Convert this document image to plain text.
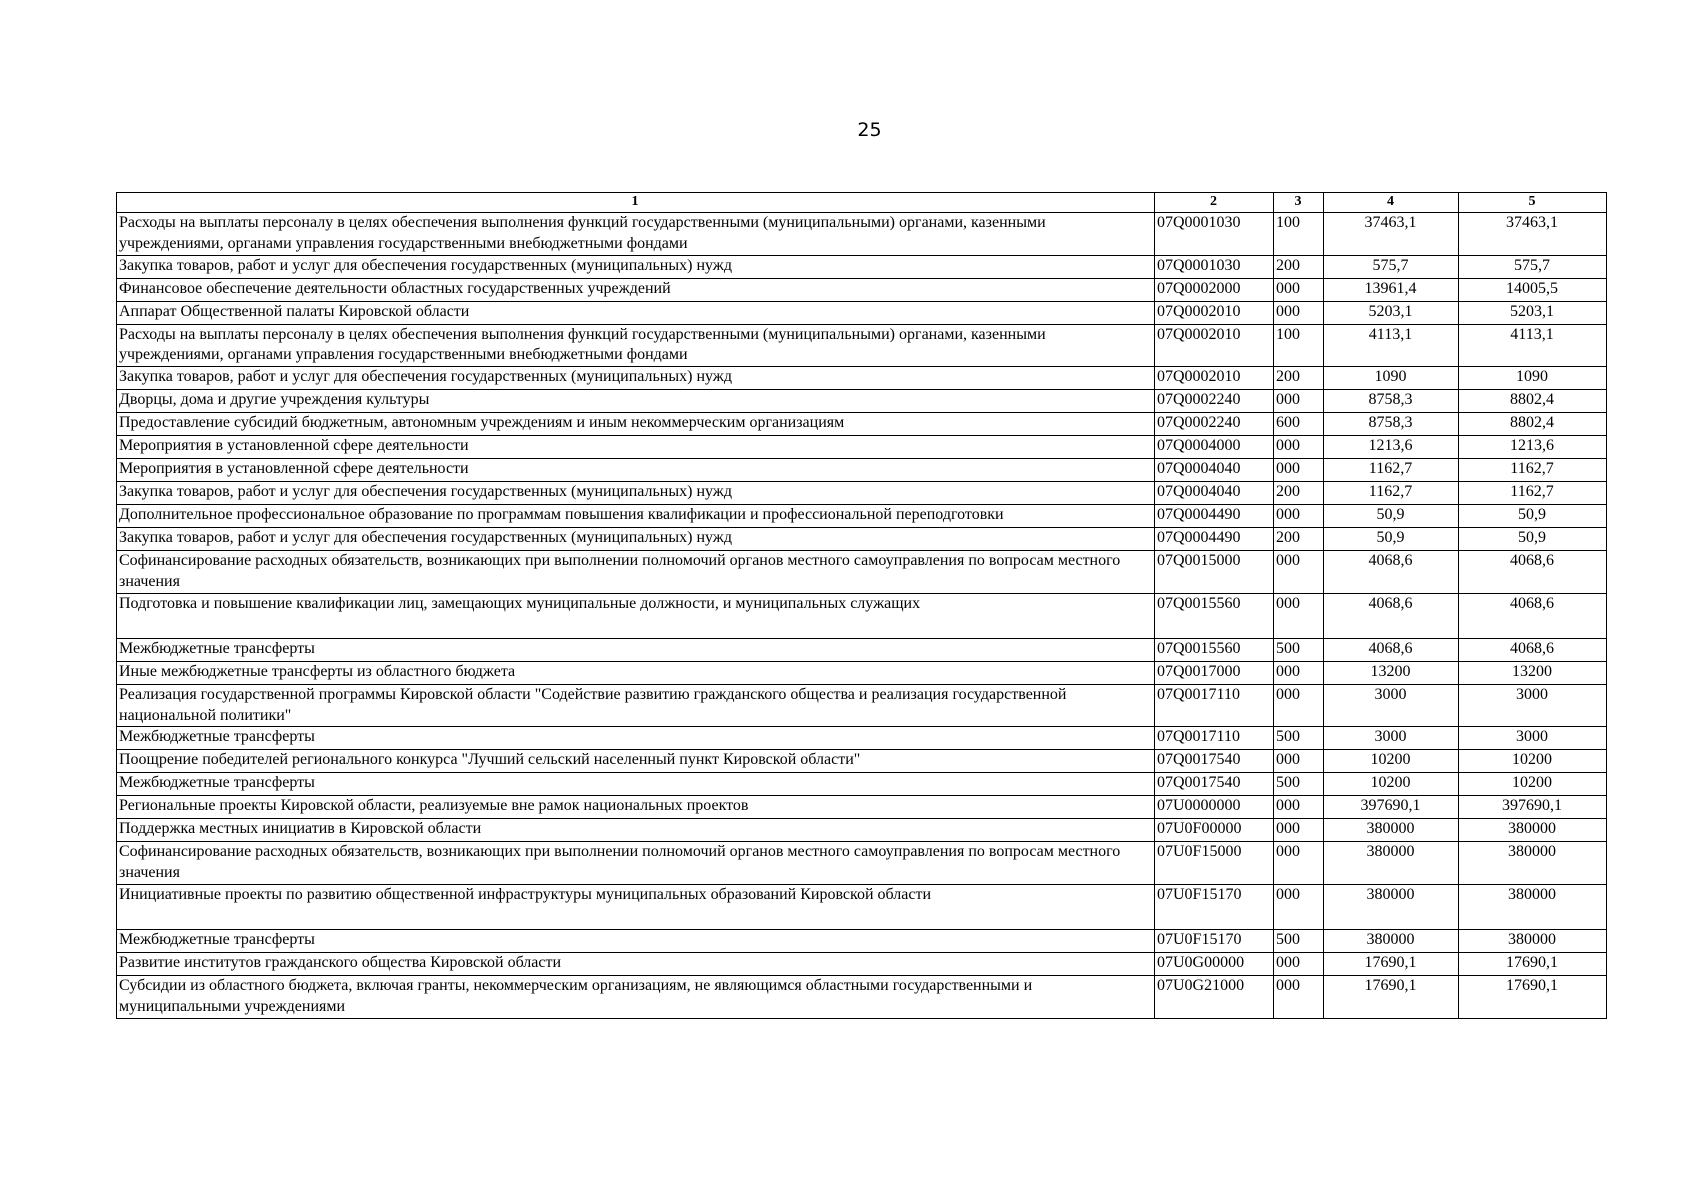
25
1	2	3	4	5
Расходы на выплаты персоналу в целях обеспечения выполнения функций государственными (муниципальными) органами, казенными учреждениями, органами управления государственными внебюджетными фондами	07Q0001030	100	37463,1	37463,1
Закупка товаров, работ и услуг для обеспечения государственных (муниципальных) нужд	07Q0001030	200	575,7	575,7
Финансовое обеспечение деятельности областных государственных учреждений	07Q0002000	000	13961,4	14005,5
Аппарат Общественной палаты Кировской области	07Q0002010	000	5203,1	5203,1
Расходы на выплаты персоналу в целях обеспечения выполнения функций государственными (муниципальными) органами, казенными учреждениями, органами управления государственными внебюджетными фондами	07Q0002010	100	4113,1	4113,1
Закупка товаров, работ и услуг для обеспечения государственных (муниципальных) нужд	07Q0002010	200	1090	1090
Дворцы, дома и другие учреждения культуры	07Q0002240	000	8758,3	8802,4
Предоставление субсидий бюджетным, автономным учреждениям и иным некоммерческим организациям	07Q0002240	600	8758,3	8802,4
Мероприятия в установленной сфере деятельности	07Q0004000	000	1213,6	1213,6
Мероприятия в установленной сфере деятельности	07Q0004040	000	1162,7	1162,7
Закупка товаров, работ и услуг для обеспечения государственных (муниципальных) нужд	07Q0004040	200	1162,7	1162,7
Дополнительное профессиональное образование по программам повышения квалификации и профессиональной переподготовки	07Q0004490	000	50,9	50,9
Закупка товаров, работ и услуг для обеспечения государственных (муниципальных) нужд	07Q0004490	200	50,9	50,9
Софинансирование расходных обязательств, возникающих при выполнении полномочий органов местного самоуправления по вопросам местного значения	07Q0015000	000	4068,6	4068,6
Подготовка и повышение квалификации лиц, замещающих муниципальные должности, и муниципальных служащих	07Q0015560	000	4068,6	4068,6
Межбюджетные трансферты	07Q0015560	500	4068,6	4068,6
Иные межбюджетные трансферты из областного бюджета	07Q0017000	000	13200	13200
Реализация государственной программы Кировской области "Содействие развитию гражданского общества и реализация государственной национальной политики"	07Q0017110	000	3000	3000
Межбюджетные трансферты	07Q0017110	500	3000	3000
Поощрение победителей регионального конкурса "Лучший сельский населенный пункт Кировской области"	07Q0017540	000	10200	10200
Межбюджетные трансферты	07Q0017540	500	10200	10200
Региональные проекты Кировской области, реализуемые вне рамок национальных проектов	07U0000000	000	397690,1	397690,1
Поддержка местных инициатив в Кировской области	07U0F00000	000	380000	380000
Софинансирование расходных обязательств, возникающих при выполнении полномочий органов местного самоуправления по вопросам местного значения	07U0F15000	000	380000	380000
Инициативные проекты по развитию общественной инфраструктуры муниципальных образований Кировской области	07U0F15170	000	380000	380000
Межбюджетные трансферты	07U0F15170	500	380000	380000
Развитие институтов гражданского общества Кировской области	07U0G00000	000	17690,1	17690,1
Субсидии из областного бюджета, включая гранты, некоммерческим организациям, не являющимся областными государственными и муниципальными учреждениями	07U0G21000	000	17690,1	17690,1
